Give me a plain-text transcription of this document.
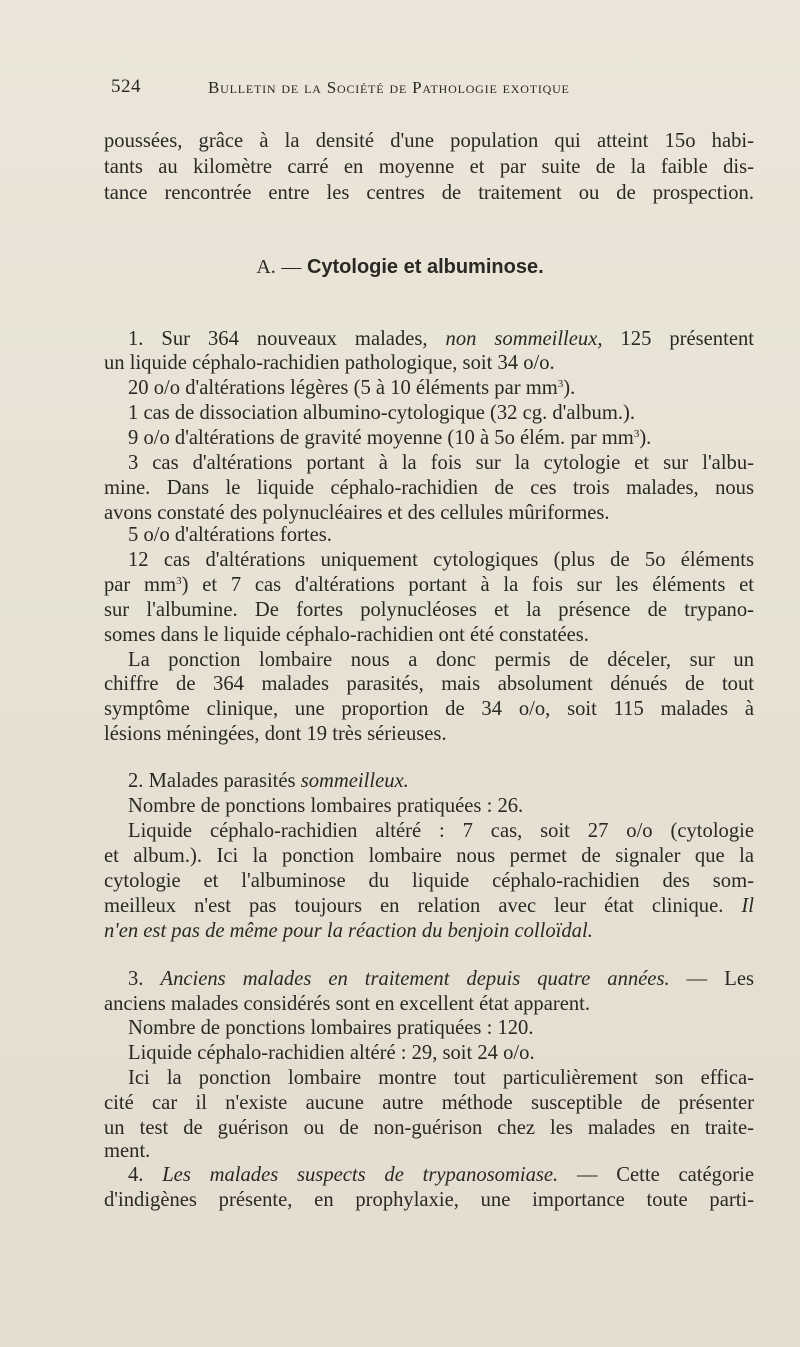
524	Bulletin de la Société de Pathologie exotique
poussées, grâce à la densité d'une population qui atteint 15o habi-
tants au kilomètre carré en moyenne et par suite de la faible dis-
tance rencontrée entre les centres de traitement ou de prospection.
A. — Cytologie et albuminose.
1. Sur 364 nouveaux malades, non sommeilleux, 125 présentent
un liquide céphalo-rachidien pathologique, soit 34 o/o.
20 o/o d'altérations légères (5 à 10 éléments par $mm^3$).
1 cas de dissociation albumino-cytologique (32 cg. d'album.).
9 o/o d'altérations de gravité moyenne (10 à 5o élém. par $mm^3$).
3 cas d'altérations portant à la fois sur la cytologie et sur l'albu-
mine. Dans le liquide céphalo-rachidien de ces trois malades, nous
avons constaté des polynucléaires et des cellules mûriformes.
5 o/o d'altérations fortes.
12 cas d'altérations uniquement cytologiques (plus de 5o éléments
par $mm^3$) et 7 cas d'altérations portant à la fois sur les éléments et
sur l'albumine. De fortes polynucléoses et la présence de trypano-
somes dans le liquide céphalo-rachidien ont été constatées.
La ponction lombaire nous a donc permis de déceler, sur un
chiffre de 364 malades parasités, mais absolument dénués de tout
symptôme clinique, une proportion de 34 o/o, soit 115 malades à
lésions méningées, dont 19 très sérieuses.
2. Malades parasités sommeilleux.
Nombre de ponctions lombaires pratiquées : 26.
Liquide céphalo-rachidien altéré : 7 cas, soit 27 o/o (cytologie
et album.). Ici la ponction lombaire nous permet de signaler que la
cytologie et l'albuminose du liquide céphalo-rachidien des som-
meilleux n'est pas toujours en relation avec leur état clinique. Il
n'en est pas de même pour la réaction du benjoin colloïdal.
3. Anciens malades en traitement depuis quatre années. — Les
anciens malades considérés sont en excellent état apparent.
Nombre de ponctions lombaires pratiquées : 120.
Liquide céphalo-rachidien altéré : 29, soit 24 o/o.
Ici la ponction lombaire montre tout particulièrement son effica-
cité car il n'existe aucune autre méthode susceptible de présenter
un test de guérison ou de non-guérison chez les malades en traite-
ment.
4. Les malades suspects de trypanosomiase. — Cette catégorie
d'indigènes présente, en prophylaxie, une importance toute parti-
